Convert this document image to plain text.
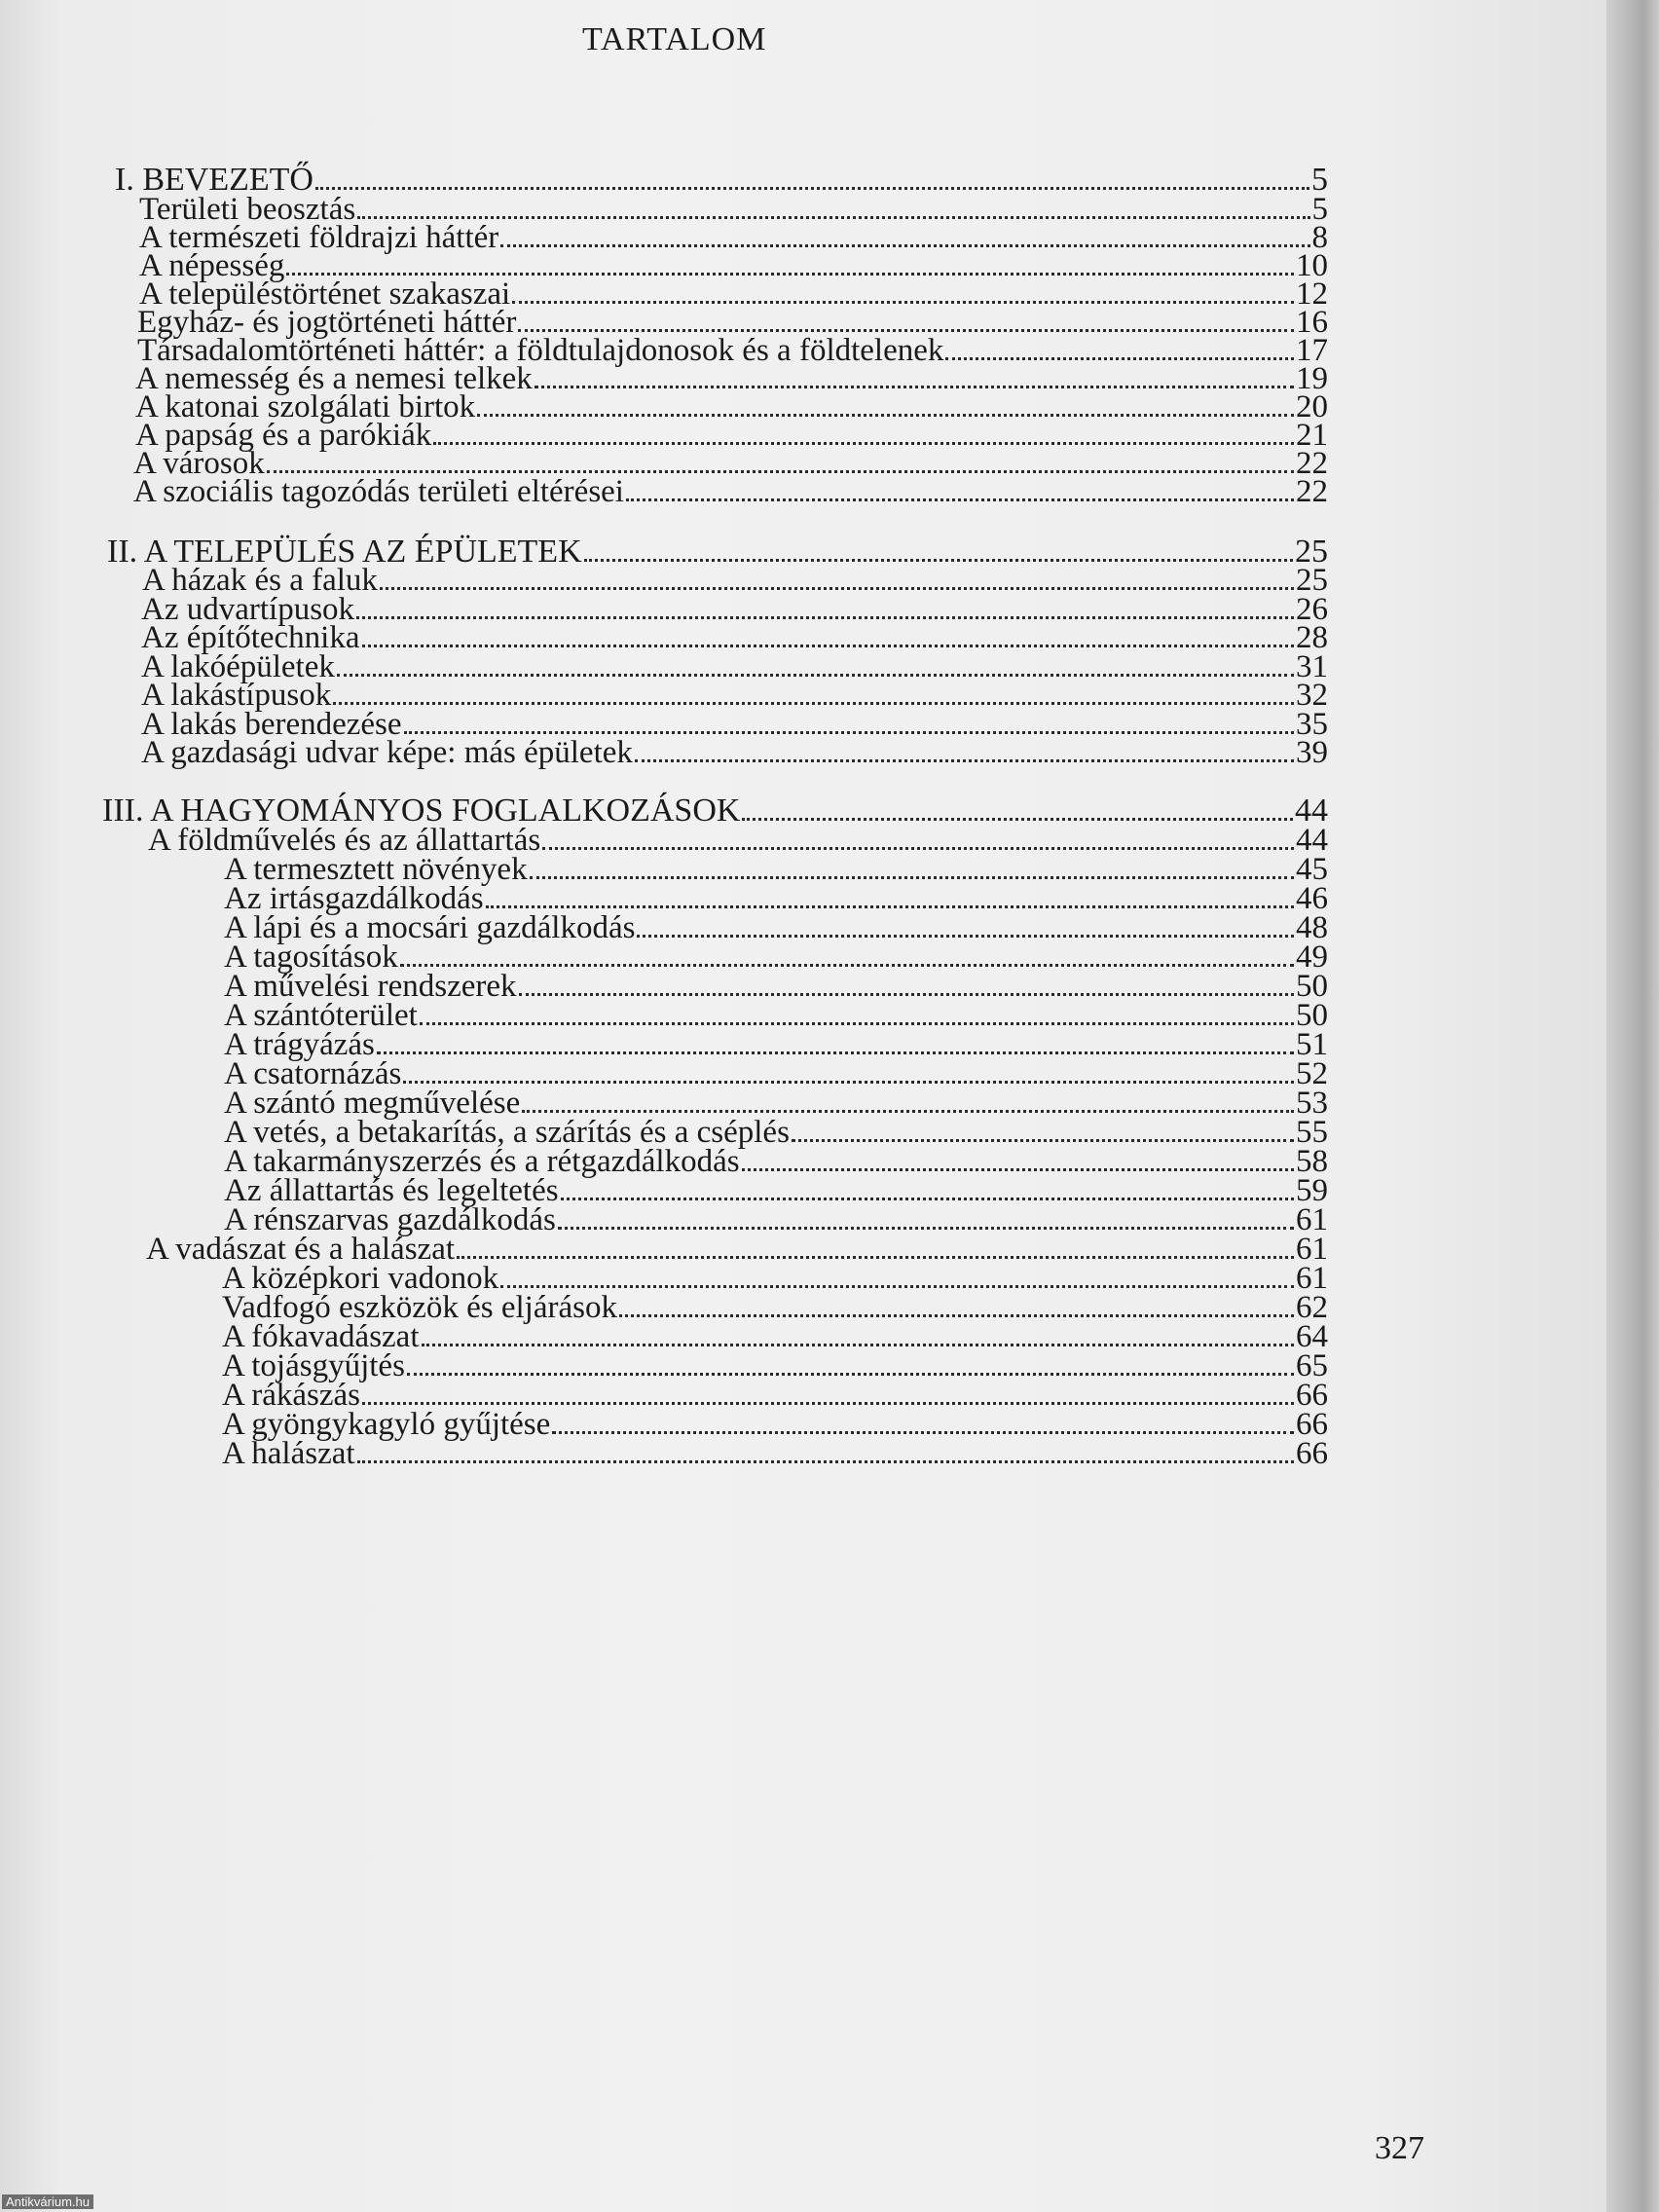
TARTALOM
I. BEVEZETŐ	5
Területi beosztás	5
A természeti földrajzi háttér	8
A népesség	10
A településtörténet szakaszai	12
Egyház- és jogtörténeti háttér	16
Társadalomtörténeti háttér: a földtulajdonosok és a földtelenek	17
A nemesség és a nemesi telkek	19
A katonai szolgálati birtok	20
A papság és a parókiák	21
A városok	22
A szociális tagozódás területi eltérései	22
II. A TELEPÜLÉS AZ ÉPÜLETEK	25
A házak és a faluk	25
Az udvartípusok	26
Az építőtechnika	28
A lakóépületek	31
A lakástípusok	32
A lakás berendezése	35
A gazdasági udvar képe: más épületek	39
III. A HAGYOMÁNYOS FOGLALKOZÁSOK	44
A földművelés és az állattartás	44
A termesztett növények	45
Az irtásgazdálkodás	46
A lápi és a mocsári gazdálkodás	48
A tagosítások	49
A művelési rendszerek	50
A szántóterület	50
A trágyázás	51
A csatornázás	52
A szántó megművelése	53
A vetés, a betakarítás, a szárítás és a cséplés	55
A takarmányszerzés és a rétgazdálkodás	58
Az állattartás és legeltetés	59
A rénszarvas gazdálkodás	61
A vadászat és a halászat	61
A középkori vadonok	61
Vadfogó eszközök és eljárások	62
A fókavadászat	64
A tojásgyűjtés	65
A rákászás	66
A gyöngykagyló gyűjtése	66
A halászat	66
327
Antikvárium.hu
